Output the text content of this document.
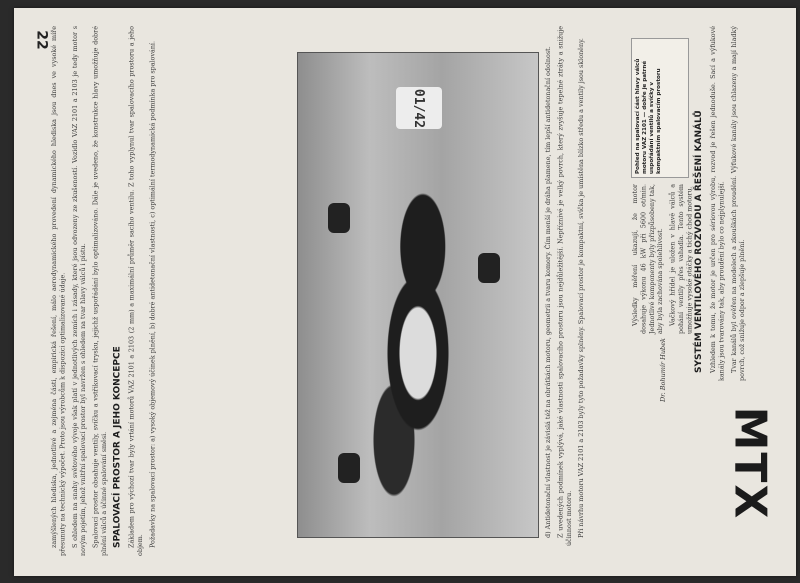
22 zamýšlených hlediska, jednotlivé a zejména části, empirická řešení, málo aerodynamického provedení dynamického hlediska jsou dnes ve vysoké míře přesunuty na technický výpočet. Proto jsou výrobcům k dispozici optimalizované údaje. S ohledem na snahy světového vývoje však platí v jednotlivých zemích i zásady, které jsou odvozeny ze zkušeností. Vozidlo VAZ 2101 a 2103 je tedy motor s novým pojetím, jehož vnitřní spalovací prostor byl navržen s ohledem na tvar hlavy válců i pístu. Spalovací prostor obsahuje ventily, svíčku a vstřikovací trysku, jejichž uspořádání bylo optimalizováno. Dále je uvedeno, že konstrukce hlavy umožňuje dobré plnění válců a účinné spalování směsi. SPALOVACÍ PROSTOR A JEHO KONCEPCE Základem pro výchozí tvar byly vrtání motorů VAZ 2101 a 2103 (2 mm) a maximální průměr sacího ventilu. Z toho vyplynul tvar spalovacího prostoru a jeho objem. Požadavky na spalovací prostor: a) vysoký objemový účinek plnění, b) dobré antidetonační vlastnosti, c) optimální termodynamická podmínka pro spalování.	01/42	d) Antidetonační vlastnost je závislá též na obrátkách motoru, geometrii a tvaru komory. Čím menší je dráha plamene, tím lepší antidetonační odolnost. Z uvedených podmínek vyplývá, jaké vlastnosti spalovacího prostoru jsou nejdůležitější. Nepříznivé je velký povrch, který zvyšuje tepelné ztráty a snižuje účinnost motoru. Při návrhu motoru VAZ 2101 a 2103 byly tyto požadavky splněny. Spalovací prostor je kompaktní, svíčka je umístěna blízko středu a ventily jsou skloněny.	Pohled na spalovací část hlavy válců motoru VAZ 2101 — dobře je patrné uspořádání ventilů a svíčky v kompaktním spalovacím prostoru

Výsledky měření ukazují, že motor dosahuje výkonu 46 kW při 5600 ot/min. Jednotlivé komponenty byly přizpůsobeny tak, aby byla zachována spolehlivost. Vačkový hřídel je uložen v hlavě válců a pohání ventily přes vahadla. Tento systém umožňuje vysoké otáčky a tichý chod motoru. SYSTÉM VENTILOVÉHO ROZVODU A ŘEŠENÍ KANÁLŮ Vzhledem k tomu, že motor je určen pro sériovou výrobu, rozvod je řešen jednoduše. Sací a výfukové kanály jsou tvarovány tak, aby proudění bylo co nejplynulejší. Tvar kanálů byl ověřen na modelech a zkouškách proudění. Výfukové kanály jsou chlazeny a mají hladký povrch, což snižuje odpor a zlepšuje plnění.

Dr. Bohumír Hubek
MTX
